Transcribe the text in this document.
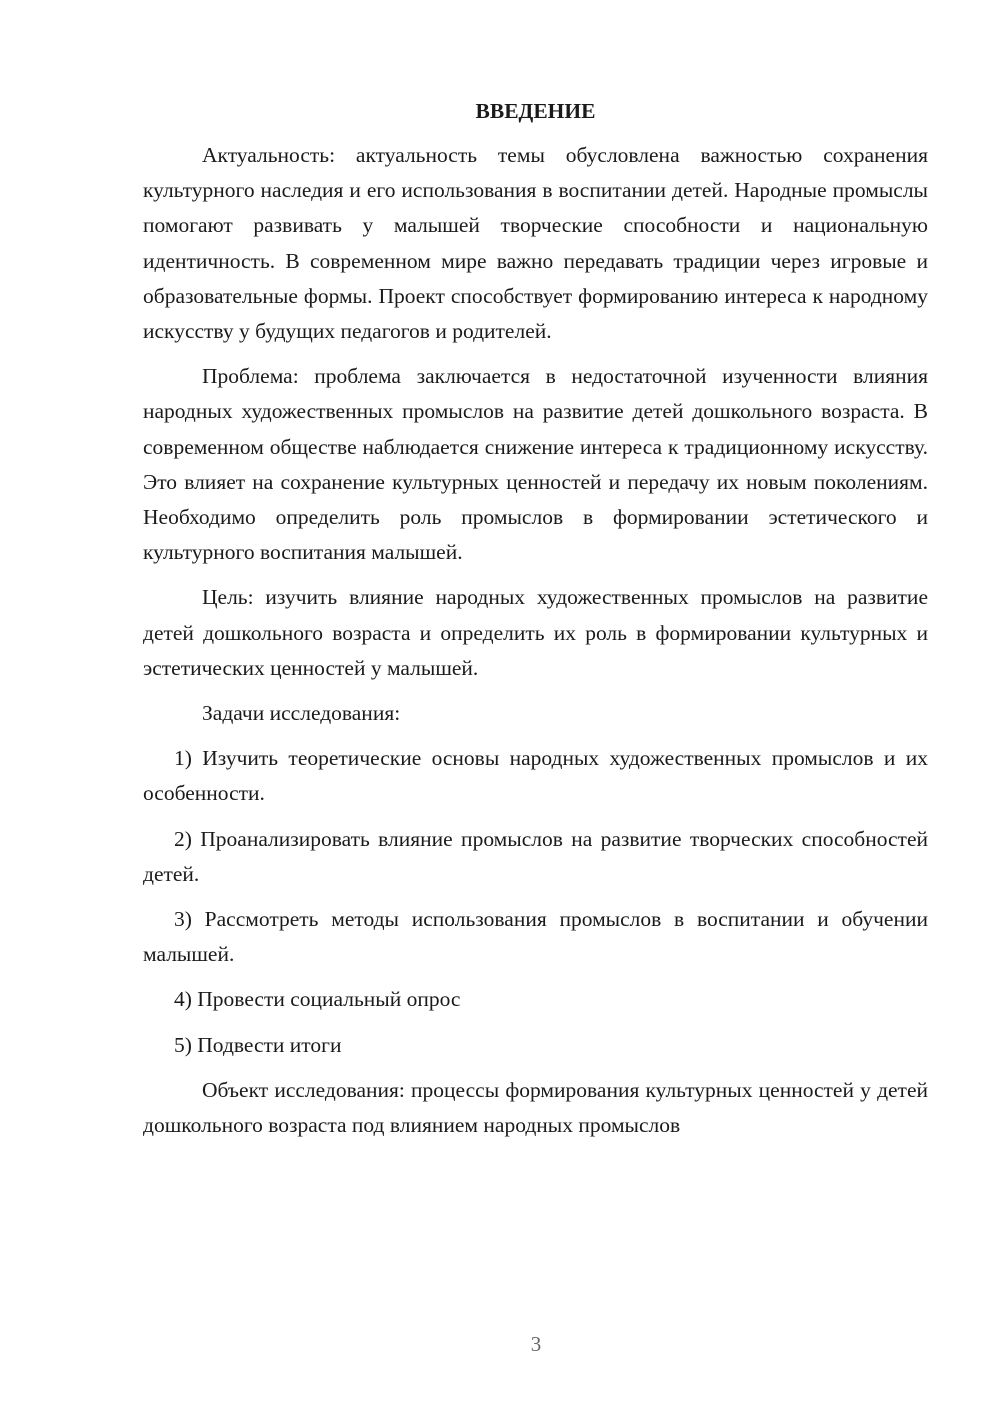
ВВЕДЕНИЕ

Актуальность: актуальность темы обусловлена важностью сохранения культурного наследия и его использования в воспитании детей. Народные промыслы помогают развивать у малышей творческие способности и национальную идентичность. В современном мире важно передавать традиции через игровые и образовательные формы. Проект способствует формированию интереса к народному искусству у будущих педагогов и родителей.

Проблема: проблема заключается в недостаточной изученности влияния народных художественных промыслов на развитие детей дошкольного возраста. В современном обществе наблюдается снижение интереса к традиционному искусству. Это влияет на сохранение культурных ценностей и передачу их новым поколениям. Необходимо определить роль промыслов в формировании эстетического и культурного воспитания малышей.

Цель: изучить влияние народных художественных промыслов на развитие детей дошкольного возраста и определить их роль в формировании культурных и эстетических ценностей у малышей.

Задачи исследования:

1) Изучить теоретические основы народных художественных промыслов и их особенности.

2) Проанализировать влияние промыслов на развитие творческих способностей детей.

3) Рассмотреть методы использования промыслов в воспитании и обучении малышей.

4) Провести социальный опрос

5) Подвести итоги

Объект исследования: процессы формирования культурных ценностей у детей дошкольного возраста под влиянием народных промыслов

3
